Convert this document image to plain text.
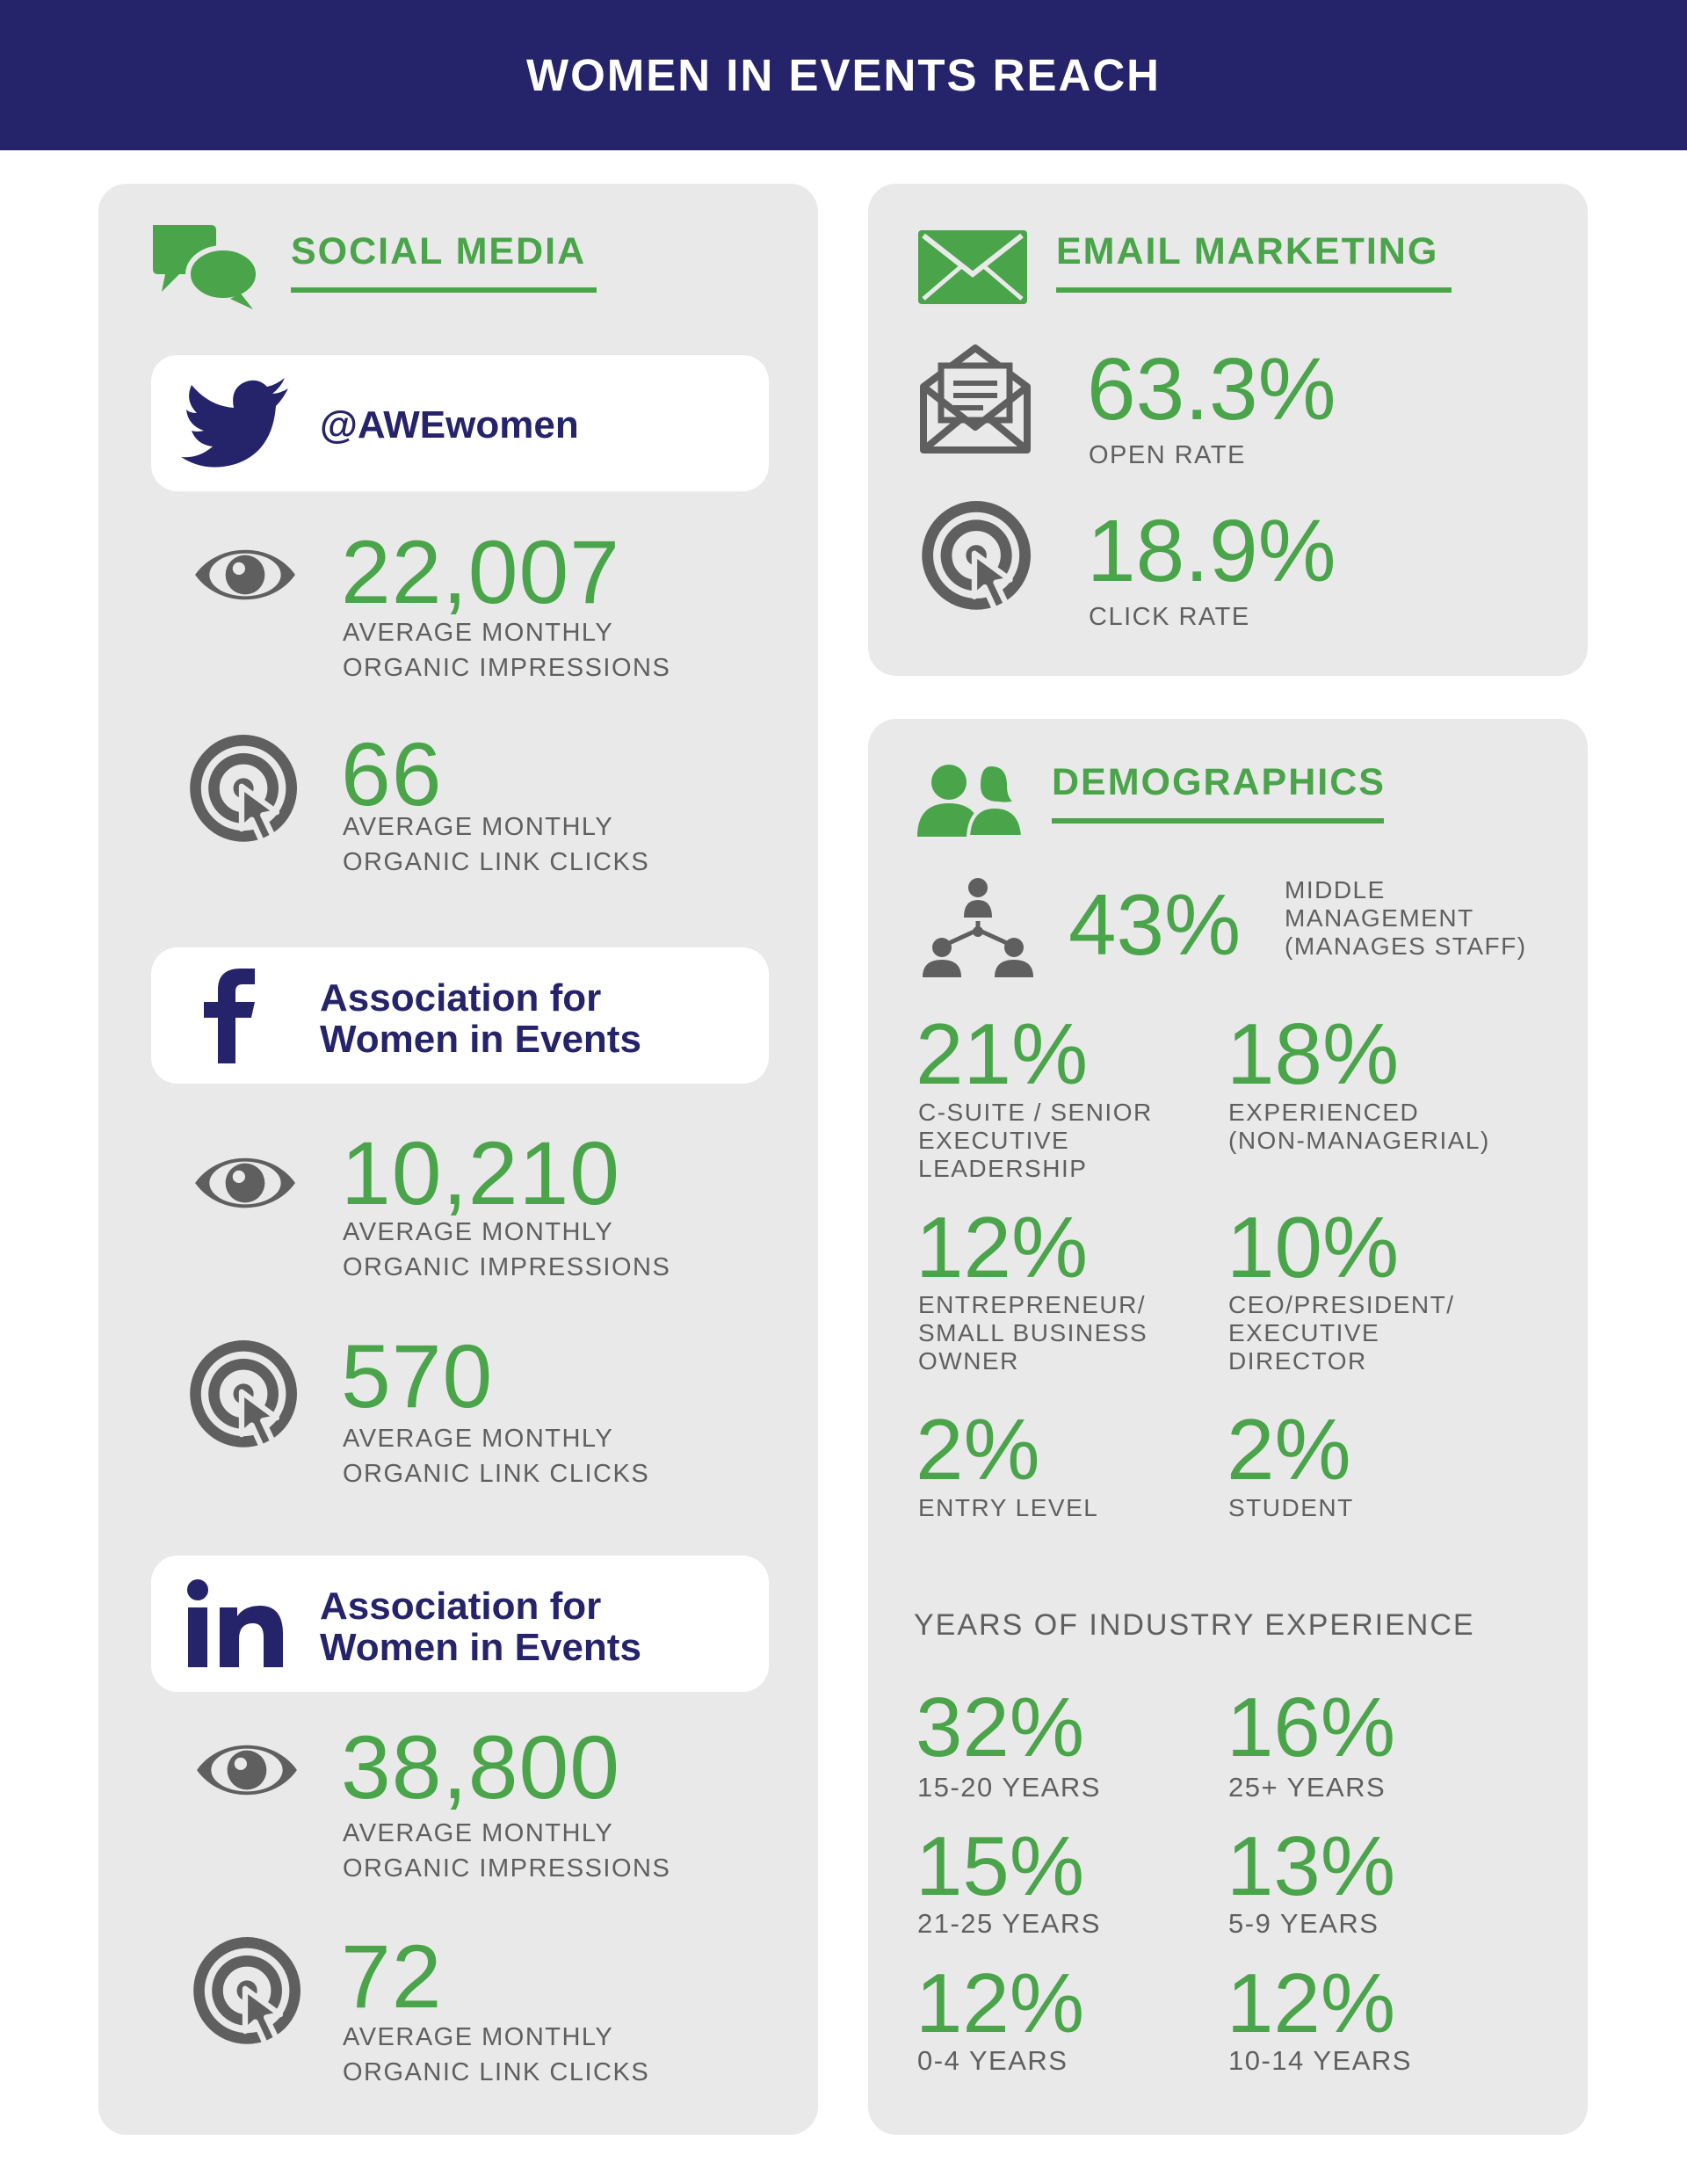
WOMEN IN EVENTS REACH
SOCIAL MEDIA
@AWEwomen
22,007
AVERAGE MONTHLY
ORGANIC IMPRESSIONS
66
AVERAGE MONTHLY
ORGANIC LINK CLICKS
Association for
Women in Events
10,210
AVERAGE MONTHLY
ORGANIC IMPRESSIONS
570
AVERAGE MONTHLY
ORGANIC LINK CLICKS
Association for
Women in Events
38,800
AVERAGE MONTHLY
ORGANIC IMPRESSIONS
72
AVERAGE MONTHLY
ORGANIC LINK CLICKS
EMAIL MARKETING
63.3%
OPEN RATE
18.9%
CLICK RATE
DEMOGRAPHICS
43% MIDDLE
MANAGEMENT
(MANAGES STAFF)
21%
C-SUITE / SENIOR
EXECUTIVE
LEADERSHIP
18%
EXPERIENCED
(NON-MANAGERIAL)
12%
ENTREPRENEUR/
SMALL BUSINESS
OWNER
10%
CEO/PRESIDENT/
EXECUTIVE
DIRECTOR
2%
ENTRY LEVEL
2%
STUDENT
YEARS OF INDUSTRY EXPERIENCE
32%
15-20 YEARS
16%
25+ YEARS
15%
21-25 YEARS
13%
5-9 YEARS
12%
0-4 YEARS
12%
10-14 YEARS
